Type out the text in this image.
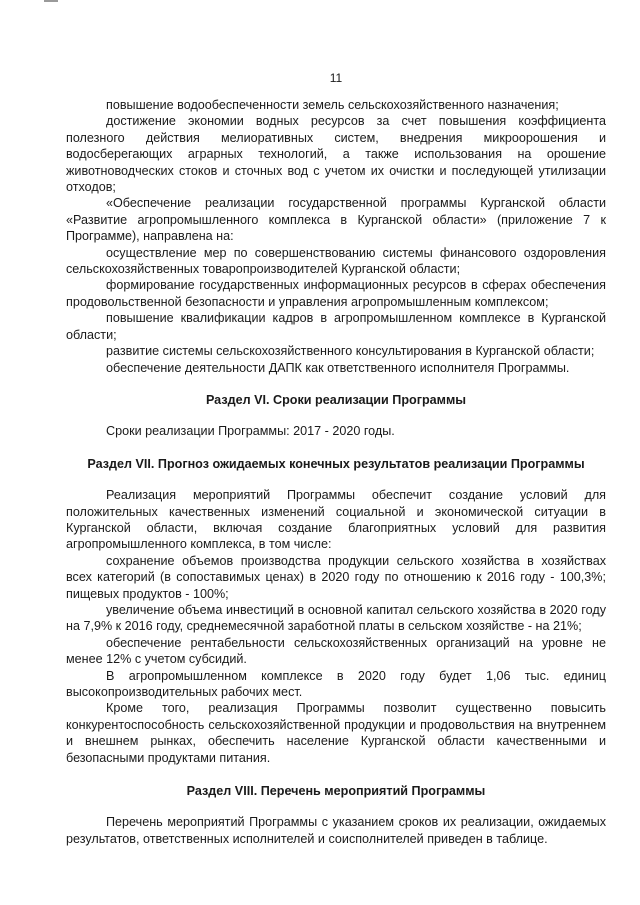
11

повышение водообеспеченности земель сельскохозяйственного назначения;

достижение экономии водных ресурсов за счет повышения коэффициента полезного действия мелиоративных систем, внедрения микроорошения и водосберегающих аграрных технологий, а также использования на орошение животноводческих стоков и сточных вод с учетом их очистки и последующей утилизации отходов;

«Обеспечение реализации государственной программы Курганской области «Развитие агропромышленного комплекса в Курганской области» (приложение 7 к Программе), направлена на:

осуществление мер по совершенствованию системы финансового оздоровления сельскохозяйственных товаропроизводителей Курганской области;

формирование государственных информационных ресурсов в сферах обеспечения продовольственной безопасности и управления агропромышленным комплексом;

повышение квалификации кадров в агропромышленном комплексе в Курганской области;

развитие системы сельскохозяйственного консультирования в Курганской области;

обеспечение деятельности ДАПК как ответственного исполнителя Программы.

Раздел VI. Сроки реализации Программы

Сроки реализации Программы: 2017 - 2020 годы.

Раздел VII. Прогноз ожидаемых конечных результатов реализации Программы

Реализация мероприятий Программы обеспечит создание условий для положительных качественных изменений социальной и экономической ситуации в Курганской области, включая создание благоприятных условий для развития агропромышленного комплекса, в том числе:

сохранение объемов производства продукции сельского хозяйства в хозяйствах всех категорий (в сопоставимых ценах) в 2020 году по отношению к 2016 году - 100,3%; пищевых продуктов - 100%;

увеличение объема инвестиций в основной капитал сельского хозяйства в 2020 году на 7,9% к 2016 году, среднемесячной заработной платы в сельском хозяйстве - на 21%;

обеспечение рентабельности сельскохозяйственных организаций на уровне не менее 12% с учетом субсидий.

В агропромышленном комплексе в 2020 году будет 1,06 тыс. единиц высокопроизводительных рабочих мест.

Кроме того, реализация Программы позволит существенно повысить конкурентоспособность сельскохозяйственной продукции и продовольствия на внутреннем и внешнем рынках, обеспечить население Курганской области качественными и безопасными продуктами питания.

Раздел VIII. Перечень мероприятий Программы

Перечень мероприятий Программы с указанием сроков их реализации, ожидаемых результатов, ответственных исполнителей и соисполнителей приведен в таблице.
